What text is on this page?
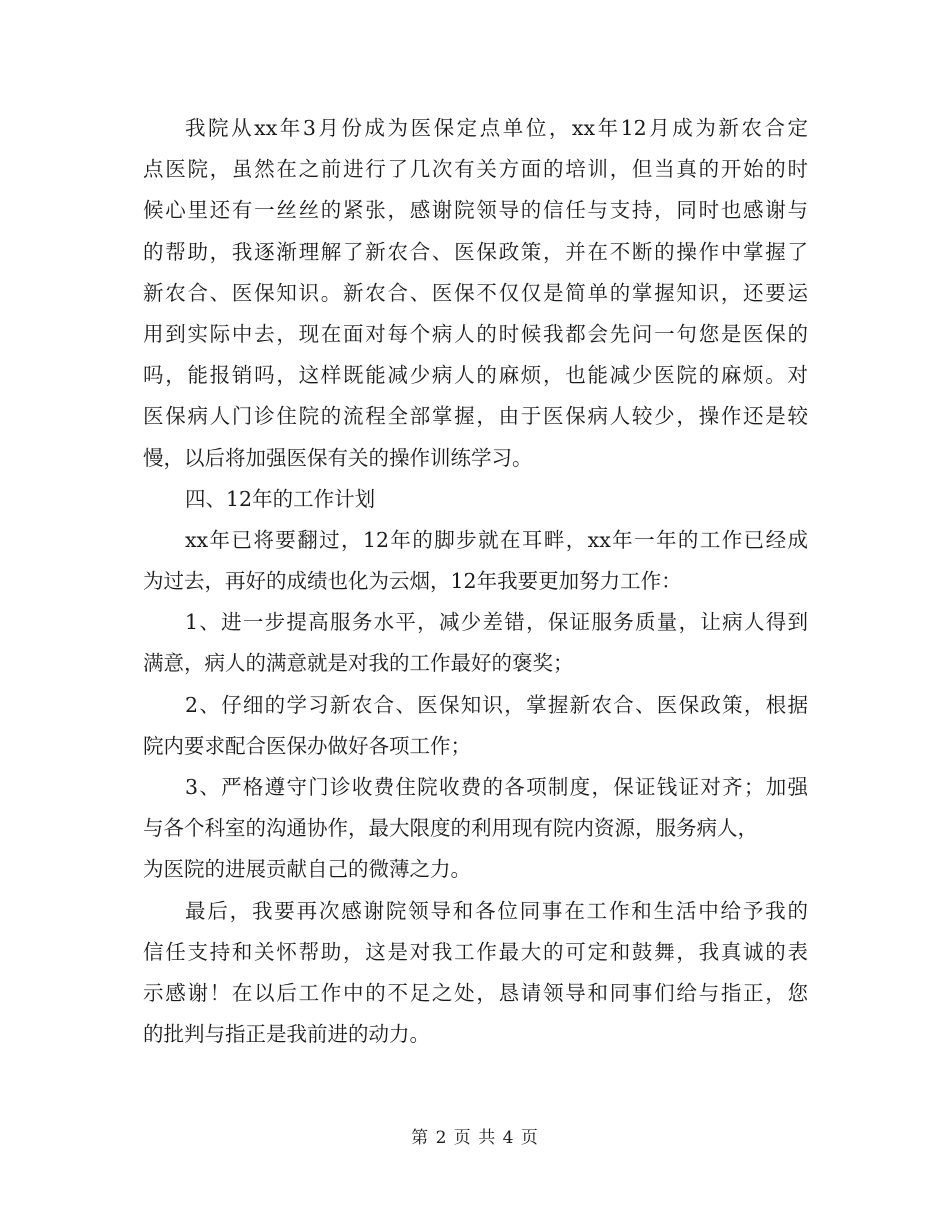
我院从xx年3月份成为医保定点单位，xx年12月成为新农合定
点医院，虽然在之前进行了几次有关方面的培训，但当真的开始的时
候心里还有一丝丝的紧张，感谢院领导的信任与支持，同时也感谢与
的帮助，我逐渐理解了新农合、医保政策，并在不断的操作中掌握了
新农合、医保知识。新农合、医保不仅仅是简单的掌握知识，还要运
用到实际中去，现在面对每个病人的时候我都会先问一句您是医保的
吗，能报销吗，这样既能减少病人的麻烦，也能减少医院的麻烦。对
医保病人门诊住院的流程全部掌握，由于医保病人较少，操作还是较
慢，以后将加强医保有关的操作训练学习。
四、12年的工作计划
xx年已将要翻过，12年的脚步就在耳畔，xx年一年的工作已经成
为过去，再好的成绩也化为云烟，12年我要更加努力工作：
1、进一步提高服务水平，减少差错，保证服务质量，让病人得到
满意，病人的满意就是对我的工作最好的褒奖；
2、仔细的学习新农合、医保知识，掌握新农合、医保政策，根据
院内要求配合医保办做好各项工作；
3、严格遵守门诊收费住院收费的各项制度，保证钱证对齐；加强
与各个科室的沟通协作，最大限度的利用现有院内资源，服务病人，
为医院的进展贡献自己的微薄之力。
最后，我要再次感谢院领导和各位同事在工作和生活中给予我的
信任支持和关怀帮助，这是对我工作最大的可定和鼓舞，我真诚的表
示感谢！在以后工作中的不足之处，恳请领导和同事们给与指正，您
的批判与指正是我前进的动力。
第 2 页 共 4 页
